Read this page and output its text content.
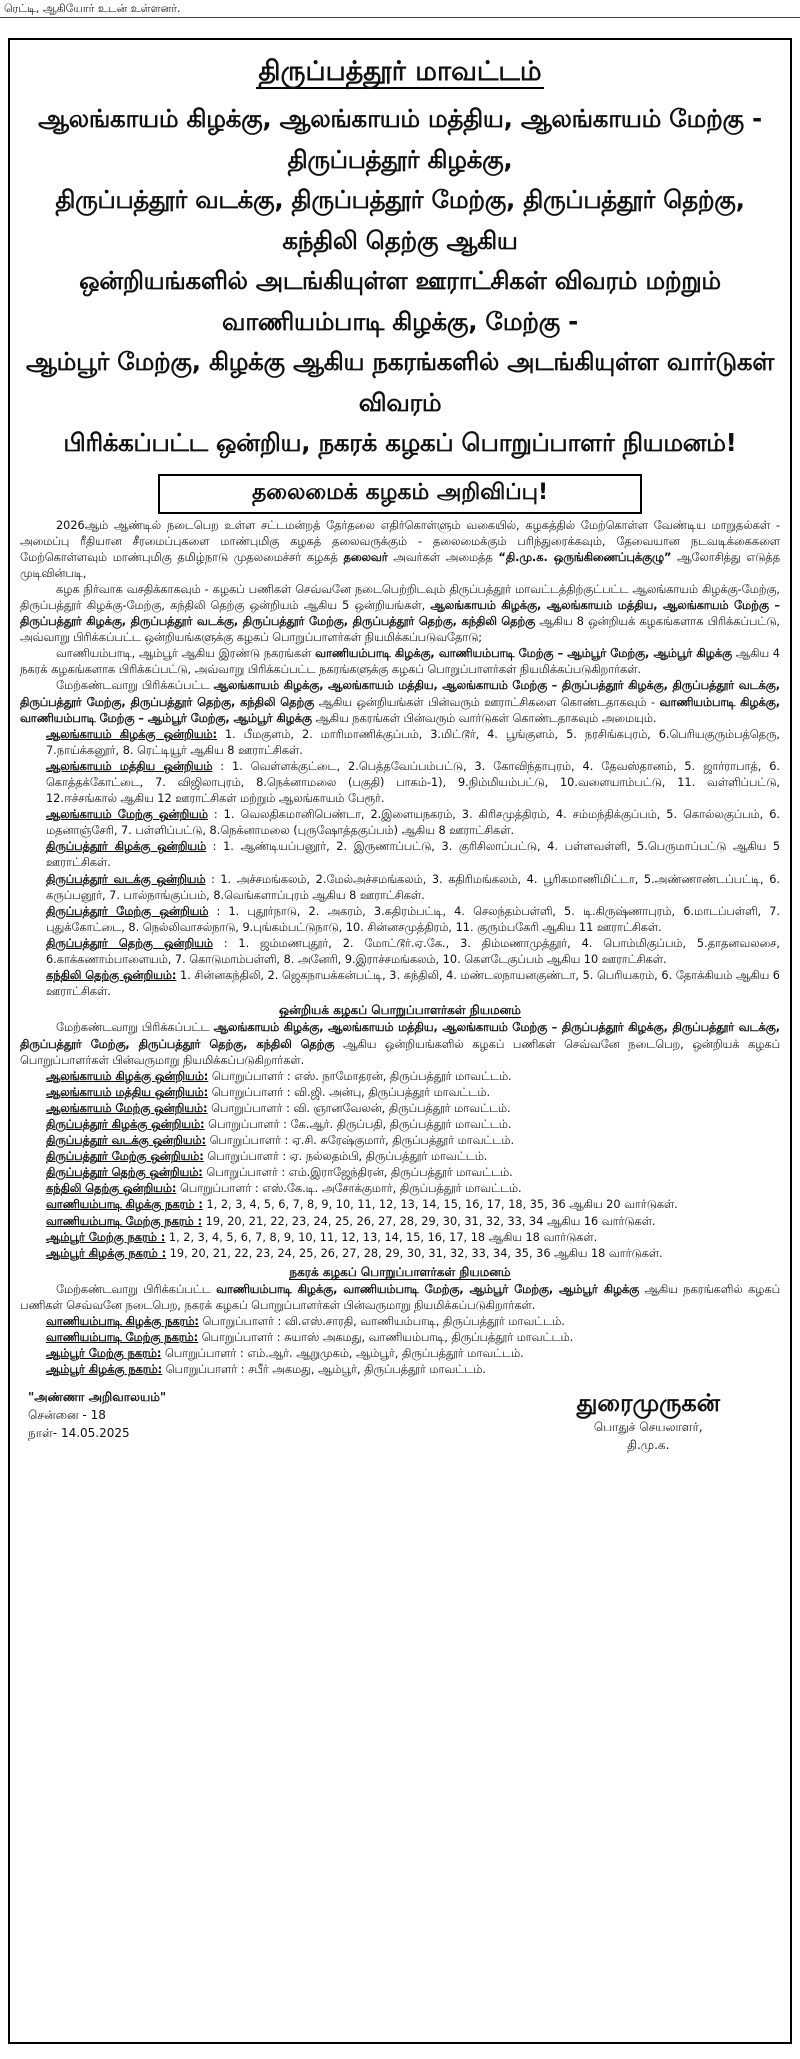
ரெட்டி, ஆகியோர் உடன் உள்ளனர்.
திருப்பத்தூர் மாவட்டம்
ஆலங்காயம் கிழக்கு, ஆலங்காயம் மத்திய, ஆலங்காயம் மேற்கு - திருப்பத்தூர் கிழக்கு,
திருப்பத்தூர் வடக்கு, திருப்பத்தூர் மேற்கு, திருப்பத்தூர் தெற்கு, கந்திலி தெற்கு ஆகிய
ஒன்றியங்களில் அடங்கியுள்ள ஊராட்சிகள் விவரம் மற்றும் வாணியம்பாடி கிழக்கு, மேற்கு -
ஆம்பூர் மேற்கு, கிழக்கு ஆகிய நகரங்களில் அடங்கியுள்ள வார்டுகள் விவரம்
பிரிக்கப்பட்ட ஒன்றிய, நகரக் கழகப் பொறுப்பாளர் நியமனம்!
தலைமைக் கழகம் அறிவிப்பு!

2026ஆம் ஆண்டில் நடைபெற உள்ள சட்டமன்றத் தேர்தலை எதிர்கொள்ளும் வகையில், கழகத்தில் மேற்கொள்ள வேண்டிய மாறுதல்கள் - அமைப்பு ரீதியான சீரமைப்புகளை மாண்புமிகு கழகத் தலைவருக்கும் - தலைமைக்கும் பரிந்துரைக்கவும், தேவையான நடவடிக்கைகளை மேற்கொள்ளவும் மாண்புமிகு தமிழ்நாடு முதலமைச்சர் கழகத் தலைவர் அவர்கள் அமைத்த “தி.மு.க. ஒருங்கிணைப்புக்குழு” ஆலோசித்து எடுத்த முடிவின்படி,

கழக நிர்வாக வசதிக்காகவும் - கழகப் பணிகள் செவ்வனே நடைபெற்றிடவும் திருப்பத்தூர் மாவட்டத்திற்குட்பட்ட ஆலங்காயம் கிழக்கு-மேற்கு, திருப்பத்தூர் கிழக்கு-மேற்கு, கந்திலி தெற்கு ஒன்றியம் ஆகிய 5 ஒன்றியங்கள், ஆலங்காயம் கிழக்கு, ஆலங்காயம் மத்திய, ஆலங்காயம் மேற்கு – திருப்பத்தூர் கிழக்கு, திருப்பத்தூர் வடக்கு, திருப்பத்தூர் மேற்கு, திருப்பத்தூர் தெற்கு, கந்திலி தெற்கு ஆகிய 8 ஒன்றியக் கழகங்களாக பிரிக்கப்பட்டு, அவ்வாறு பிரிக்கப்பட்ட ஒன்றியங்களுக்கு கழகப் பொறுப்பாளர்கள் நியமிக்கப்படுவதோடு;

வாணியம்பாடி, ஆம்பூர் ஆகிய இரண்டு நகரங்கள் வாணியம்பாடி கிழக்கு, வாணியம்பாடி மேற்கு – ஆம்பூர் மேற்கு, ஆம்பூர் கிழக்கு ஆகிய 4 நகரக் கழகங்களாக பிரிக்கப்பட்டு, அவ்வாறு பிரிக்கப்பட்ட நகரங்களுக்கு கழகப் பொறுப்பாளர்கள் நியமிக்கப்படுகிறார்கள்.

மேற்கண்டவாறு பிரிக்கப்பட்ட ஆலங்காயம் கிழக்கு, ஆலங்காயம் மத்திய, ஆலங்காயம் மேற்கு – திருப்பத்தூர் கிழக்கு, திருப்பத்தூர் வடக்கு, திருப்பத்தூர் மேற்கு, திருப்பத்தூர் தெற்கு, கந்திலி தெற்கு ஆகிய ஒன்றியங்கள் பின்வரும் ஊராட்சிகளை கொண்டதாகவும் - வாணியம்பாடி கிழக்கு, வாணியம்பாடி மேற்கு – ஆம்பூர் மேற்கு, ஆம்பூர் கிழக்கு ஆகிய நகரங்கள் பின்வரும் வார்டுகள் கொண்டதாகவும் அமையும்.

ஆலங்காயம் கிழக்கு ஒன்றியம்: 1. பீமகுளம், 2. மாரிமாணிக்குப்பம், 3.மிட்டூர், 4. பூங்குளம், 5. நரசிங்கபுரம், 6.பெரியகுரும்பத்தெரு, 7.நாய்க்கனூர், 8. ரெட்டியூர் ஆகிய 8 ஊராட்சிகள்.

ஆலங்காயம் மத்திய ஒன்றியம் : 1. வெள்ளக்குட்டை, 2.பெத்தவேப்பம்பட்டு, 3. கோவிந்தாபுரம், 4. தேவஸ்தானம், 5. ஜார்ராபாத், 6. கொத்தக்கோட்டை, 7. விஜிலாபுரம், 8.நெக்னாமலை (பகுதி) பாகம்-1), 9.நிம்மியம்பட்டு, 10.வளையாம்பட்டு, 11. வள்ளிப்பட்டு, 12.ஈச்சங்கால் ஆகிய 12 ஊராட்சிகள் மற்றும் ஆலங்காயம் பேரூர்.

ஆலங்காயம் மேற்கு ஒன்றியம் : 1. வெலதிகமானிபெண்டா, 2.இளையநகரம், 3. கிரிசமுத்திரம், 4. சம்மந்திக்குப்பம், 5. கொல்லகுப்பம், 6. மதனாஞ்சேரி, 7. பள்ளிப்பட்டு, 8.நெக்னாமலை (புருஷோத்தகுப்பம்) ஆகிய 8 ஊராட்சிகள்.

திருப்பத்தூர் கிழக்கு ஒன்றியம் : 1. ஆண்டியப்பனூர், 2. இருணாப்பட்டு, 3. குரிசிலாப்பட்டு, 4. பள்ளவள்ளி, 5.பெருமாப்பட்டு ஆகிய 5 ஊராட்சிகள்.

திருப்பத்தூர் வடக்கு ஒன்றியம் : 1. அச்சமங்கலம், 2.மேல்அச்சமங்கலம், 3. கதிரிமங்கலம், 4. பூரிகமாணிமிட்டா, 5.அண்ணாண்டப்பட்டி, 6. கருப்பனூர், 7. பால்நாங்குப்பம், 8.வெங்களாப்புரம் ஆகிய 8 ஊராட்சிகள்.

திருப்பத்தூர் மேற்கு ஒன்றியம் : 1. புதூர்நாடு, 2. அகரம், 3.கதிரம்பட்டி, 4. செலந்தம்பள்ளி, 5. டி.கிருஷ்ணாபுரம், 6.மாடப்பள்ளி, 7. புதுக்கோட்டை, 8. நெல்லிவாசல்நாடு, 9.புங்கம்பட்டுநாடு, 10. சின்னசமுத்திரம், 11. குரும்பகேரி ஆகிய 11 ஊராட்சிகள்.

திருப்பத்தூர் தெற்கு ஒன்றியம் : 1. ஜம்மணபுதூர், 2. மோட்டூர்.ஏ.கே., 3. திம்மணாமுத்தூர், 4. பொம்மிகுப்பம், 5.தாதனவலசை, 6.காக்கணாம்பாளையம், 7. கொடுமாம்பள்ளி, 8. அனேரி, 9.இராச்சமங்கலம், 10. கௌடேகுப்பம் ஆகிய 10 ஊராட்சிகள்.

கந்திலி தெற்கு ஒன்றியம்: 1. சின்னகந்திலி, 2. ஜெகநாயக்கன்பட்டி, 3. கந்திலி, 4. மண்டலநாயனகுண்டா, 5. பெரியகரம், 6. தோக்கியம் ஆகிய 6 ஊராட்சிகள்.

ஒன்றியக் கழகப் பொறுப்பாளர்கள் நியமனம்

மேற்கண்டவாறு பிரிக்கப்பட்ட ஆலங்காயம் கிழக்கு, ஆலங்காயம் மத்திய, ஆலங்காயம் மேற்கு – திருப்பத்தூர் கிழக்கு, திருப்பத்தூர் வடக்கு, திருப்பத்தூர் மேற்கு, திருப்பத்தூர் தெற்கு, கந்திலி தெற்கு ஆகிய ஒன்றியங்களில் கழகப் பணிகள் செவ்வனே நடைபெற, ஒன்றியக் கழகப் பொறுப்பாளர்கள் பின்வருமாறு நியமிக்கப்படுகிறார்கள்.

ஆலங்காயம் கிழக்கு ஒன்றியம்: பொறுப்பாளர் : எஸ். நாமோதரன், திருப்பத்தூர் மாவட்டம்.

ஆலங்காயம் மத்திய ஒன்றியம்: பொறுப்பாளர் : வி.ஜி. அன்பு, திருப்பத்தூர் மாவட்டம்.

ஆலங்காயம் மேற்கு ஒன்றியம்: பொறுப்பாளர் : வி. ஞானவேலன், திருப்பத்தூர் மாவட்டம்.

திருப்பத்தூர் கிழக்கு ஒன்றியம்: பொறுப்பாளர் : கே.ஆர். திருப்பதி, திருப்பத்தூர் மாவட்டம்.

திருப்பத்தூர் வடக்கு ஒன்றியம்: பொறுப்பாளர் : ஏ.சி. சுரேஷ்குமார், திருப்பத்தூர் மாவட்டம்.

திருப்பத்தூர் மேற்கு ஒன்றியம்: பொறுப்பாளர் : ஏ. நல்லதம்பி, திருப்பத்தூர் மாவட்டம்.

திருப்பத்தூர் தெற்கு ஒன்றியம்: பொறுப்பாளர் : எம்.இராஜேந்திரன், திருப்பத்தூர் மாவட்டம்.

கந்திலி தெற்கு ஒன்றியம்: பொறுப்பாளர் : எஸ்.கே.டி. அசோக்குமார், திருப்பத்தூர் மாவட்டம்.

வாணியம்பாடி கிழக்கு நகரம் : 1, 2, 3, 4, 5, 6, 7, 8, 9, 10, 11, 12, 13, 14, 15, 16, 17, 18, 35, 36 ஆகிய 20 வார்டுகள்.

வாணியம்பாடி மேற்கு நகரம் : 19, 20, 21, 22, 23, 24, 25, 26, 27, 28, 29, 30, 31, 32, 33, 34 ஆகிய 16 வார்டுகள்.

ஆம்பூர் மேற்கு நகரம் : 1, 2, 3, 4, 5, 6, 7, 8, 9, 10, 11, 12, 13, 14, 15, 16, 17, 18 ஆகிய 18 வார்டுகள்.

ஆம்பூர் கிழக்கு நகரம் : 19, 20, 21, 22, 23, 24, 25, 26, 27, 28, 29, 30, 31, 32, 33, 34, 35, 36 ஆகிய 18 வார்டுகள்.

நகரக் கழகப் பொறுப்பாளர்கள் நியமனம்

மேற்கண்டவாறு பிரிக்கப்பட்ட வாணியம்பாடி கிழக்கு, வாணியம்பாடி மேற்கு, ஆம்பூர் மேற்கு, ஆம்பூர் கிழக்கு ஆகிய நகரங்களில் கழகப் பணிகள் செவ்வனே நடைபெற, நகரக் கழகப் பொறுப்பாளர்கள் பின்வருமாறு நியமிக்கப்படுகிறார்கள்.

வாணியம்பாடி கிழக்கு நகரம்: பொறுப்பாளர் : வி.எஸ்.சாரதி, வாணியம்பாடி, திருப்பத்தூர் மாவட்டம்.

வாணியம்பாடி மேற்கு நகரம்: பொறுப்பாளர் : சுயாஸ் அகமது, வாணியம்பாடி, திருப்பத்தூர் மாவட்டம்.

ஆம்பூர் மேற்கு நகரம்: பொறுப்பாளர் : எம்.ஆர். ஆறுமுகம், ஆம்பூர், திருப்பத்தூர் மாவட்டம்.

ஆம்பூர் கிழக்கு நகரம்: பொறுப்பாளர் : சபீர் அகமது, ஆம்பூர், திருப்பத்தூர் மாவட்டம்.

"அண்ணா அறிவாலயம்"
சென்னை - 18
நாள்- 14.05.2025
துரைமுருகன்
பொதுச் செயலாளர்,
தி.மு.க.
